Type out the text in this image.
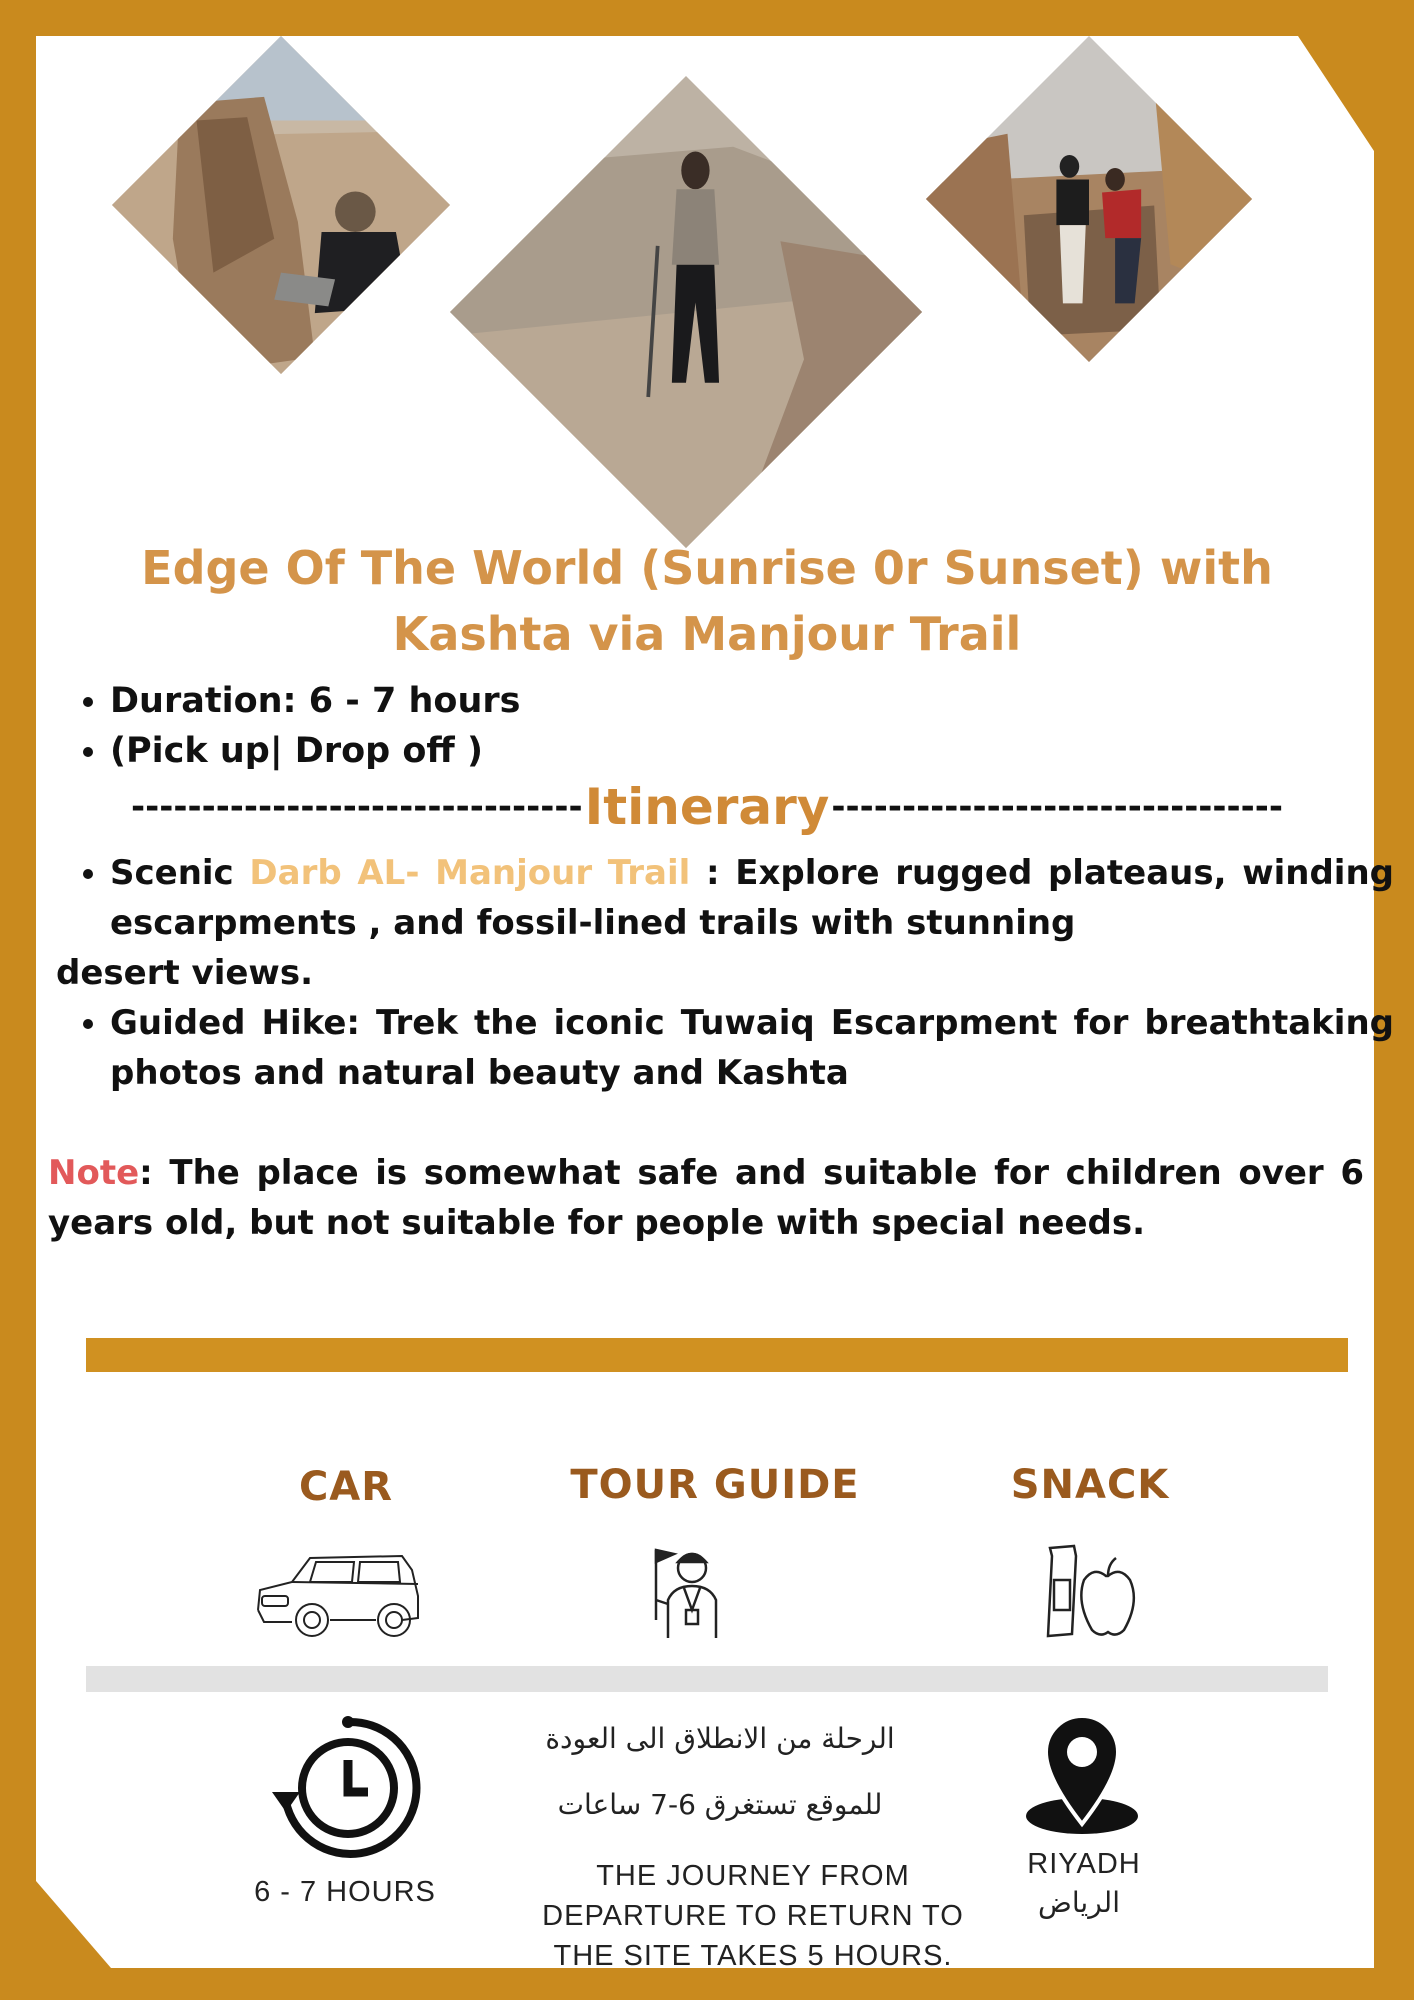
Edge Of The World (Sunrise 0r Sunset) with Kashta via Manjour Trail
• Duration: 6 - 7 hours
• (Pick up| Drop off )
-------------------------------- Itinerary --------------------------------
• Scenic Darb AL- Manjour Trail : Explore rugged plateaus, winding escarpments , and fossil-lined trails with stunning
desert views.
• Guided Hike: Trek the iconic Tuwaiq Escarpment for breathtaking photos and natural beauty and Kashta
Note: The place is somewhat safe and suitable for children over 6 years old, but not suitable for people with special needs.
CAR	TOUR GUIDE	SNACK
6 - 7 HOURS
الرحلة من الانطلاق الى العودة
للموقع تستغرق 6-7 ساعات
THE JOURNEY FROM DEPARTURE TO RETURN TO THE SITE TAKES 5 HOURS.
RIYADH
الرياض
